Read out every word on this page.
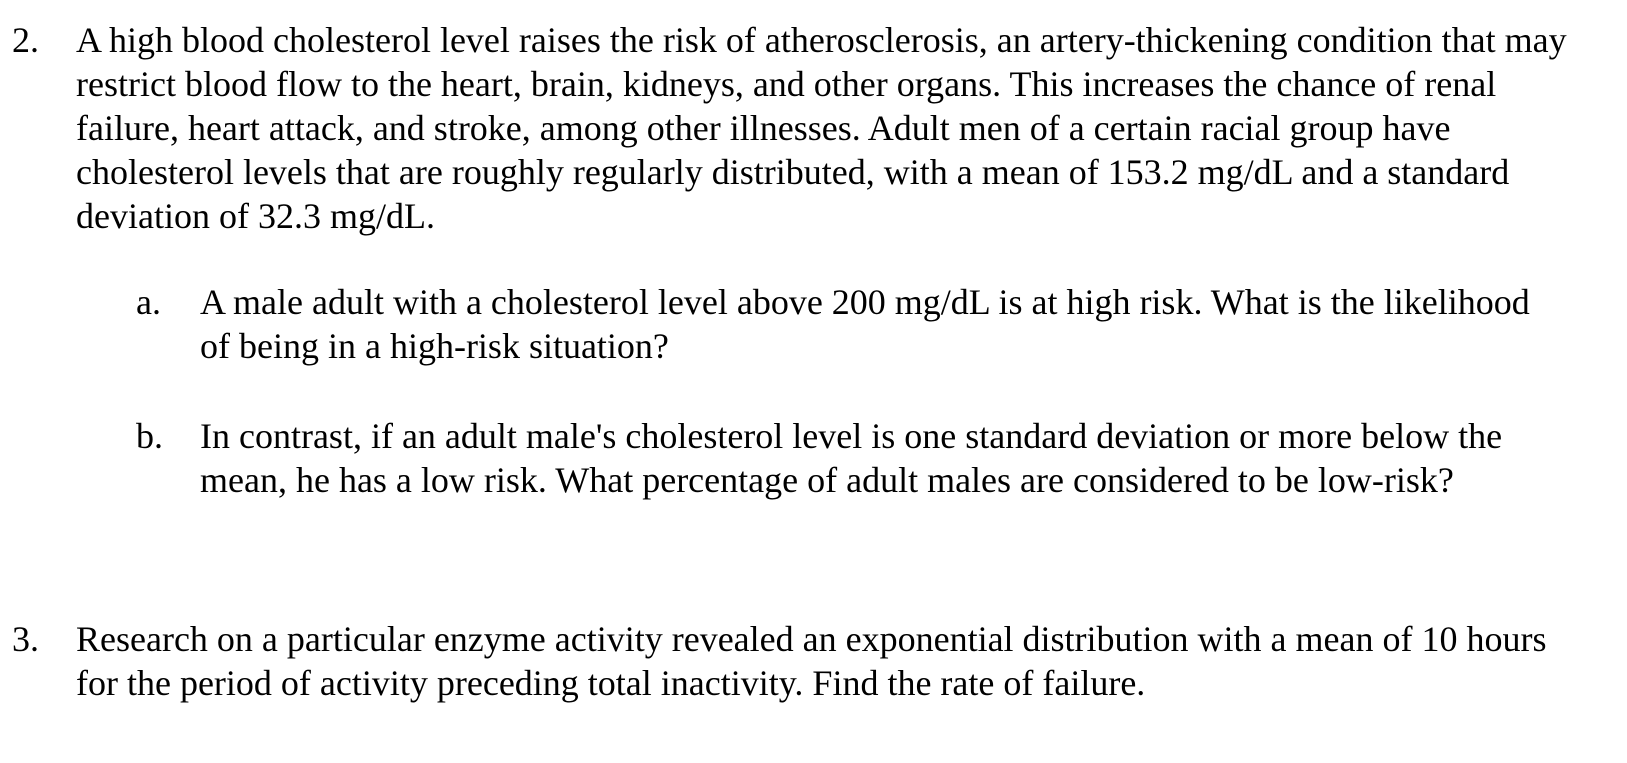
2. A high blood cholesterol level raises the risk of atherosclerosis, an artery-thickening condition that may restrict blood flow to the heart, brain, kidneys, and other organs. This increases the chance of renal failure, heart attack, and stroke, among other illnesses. Adult men of a certain racial group have cholesterol levels that are roughly regularly distributed, with a mean of 153.2 mg/dL and a standard deviation of 32.3 mg/dL.
a. A male adult with a cholesterol level above 200 mg/dL is at high risk. What is the likelihood of being in a high-risk situation?
b. In contrast, if an adult male's cholesterol level is one standard deviation or more below the mean, he has a low risk. What percentage of adult males are considered to be low-risk?
3. Research on a particular enzyme activity revealed an exponential distribution with a mean of 10 hours for the period of activity preceding total inactivity. Find the rate of failure.
